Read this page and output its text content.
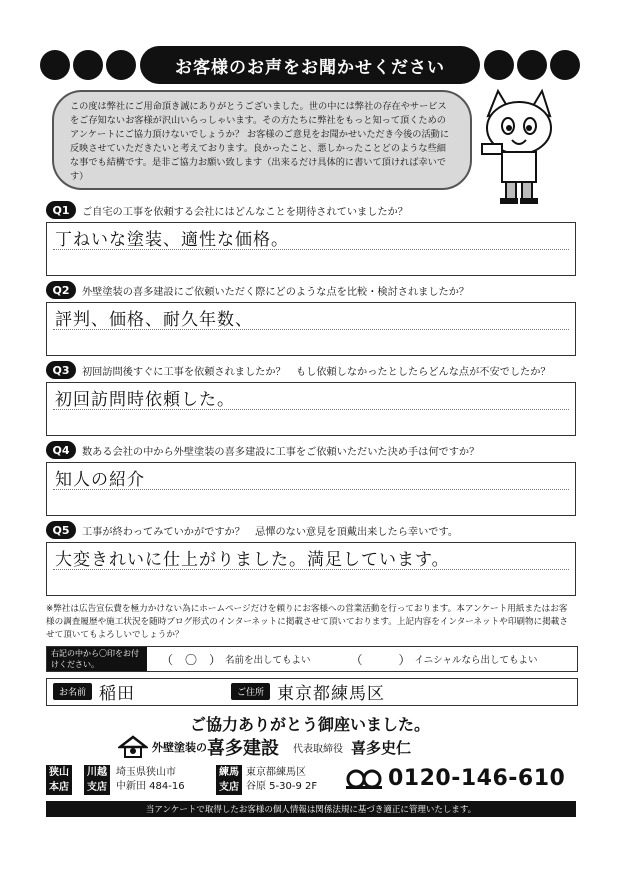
お客様のお声をお聞かせください
この度は弊社にご用命頂き誠にありがとうございました。世の中には弊社の存在やサービスをご存知ないお客様が沢山いらっしゃいます。その方たちに弊社をもっと知って頂くためのアンケートにご協力頂けないでしょうか？ お客様のご意見をお聞かせいただき今後の活動に反映させていただきたいと考えております。良かったこと、悪しかったことどのような些細な事でも結構です。是非ご協力お願い致します（出来るだけ具体的に書いて頂ければ幸いです）
Q1	ご自宅の工事を依頼する会社にはどんなことを期待されていましたか？
丁ねいな塗装、適性な価格。
Q2	外壁塗装の喜多建設にご依頼いただく際にどのような点を比較・検討されましたか？
評判、価格、耐久年数、
Q3	初回訪問後すぐに工事を依頼されましたか？　もし依頼しなかったとしたらどんな点が不安でしたか？
初回訪問時依頼した。
Q4	数ある会社の中から外壁塗装の喜多建設に工事をご依頼いただいた決め手は何ですか？
知人の紹介
Q5	工事が終わってみていかがですか？　忌憚のない意見を頂戴出来したら幸いです。
大変きれいに仕上がりました。満足しています。
※弊社は広告宣伝費を極力かけない為にホームページだけを頼りにお客様への営業活動を行っております。本アンケート用紙またはお客様の調査履歴や施工状況を随時ブログ形式のインターネットに掲載させて頂いております。上記内容をインターネットや印刷物に掲載させて頂いてもよろしいでしょうか？
右記の中から〇印をお付けください。	（　〇　） 名前を出してもよい	（　　　） イニシャルなら出してもよい
お名前 稲田	ご住所 東京都練馬区
ご協力ありがとう御座いました。
外壁塗装の 喜多建設 代表取締役 喜多史仁
狭山本店
川越支店
埼玉県狭山市
中新田 484-16
練馬支店
東京都練馬区
谷原 5-30-9 2F	0120-146-610
当アンケートで取得したお客様の個人情報は関係法規に基づき適正に管理いたします。
